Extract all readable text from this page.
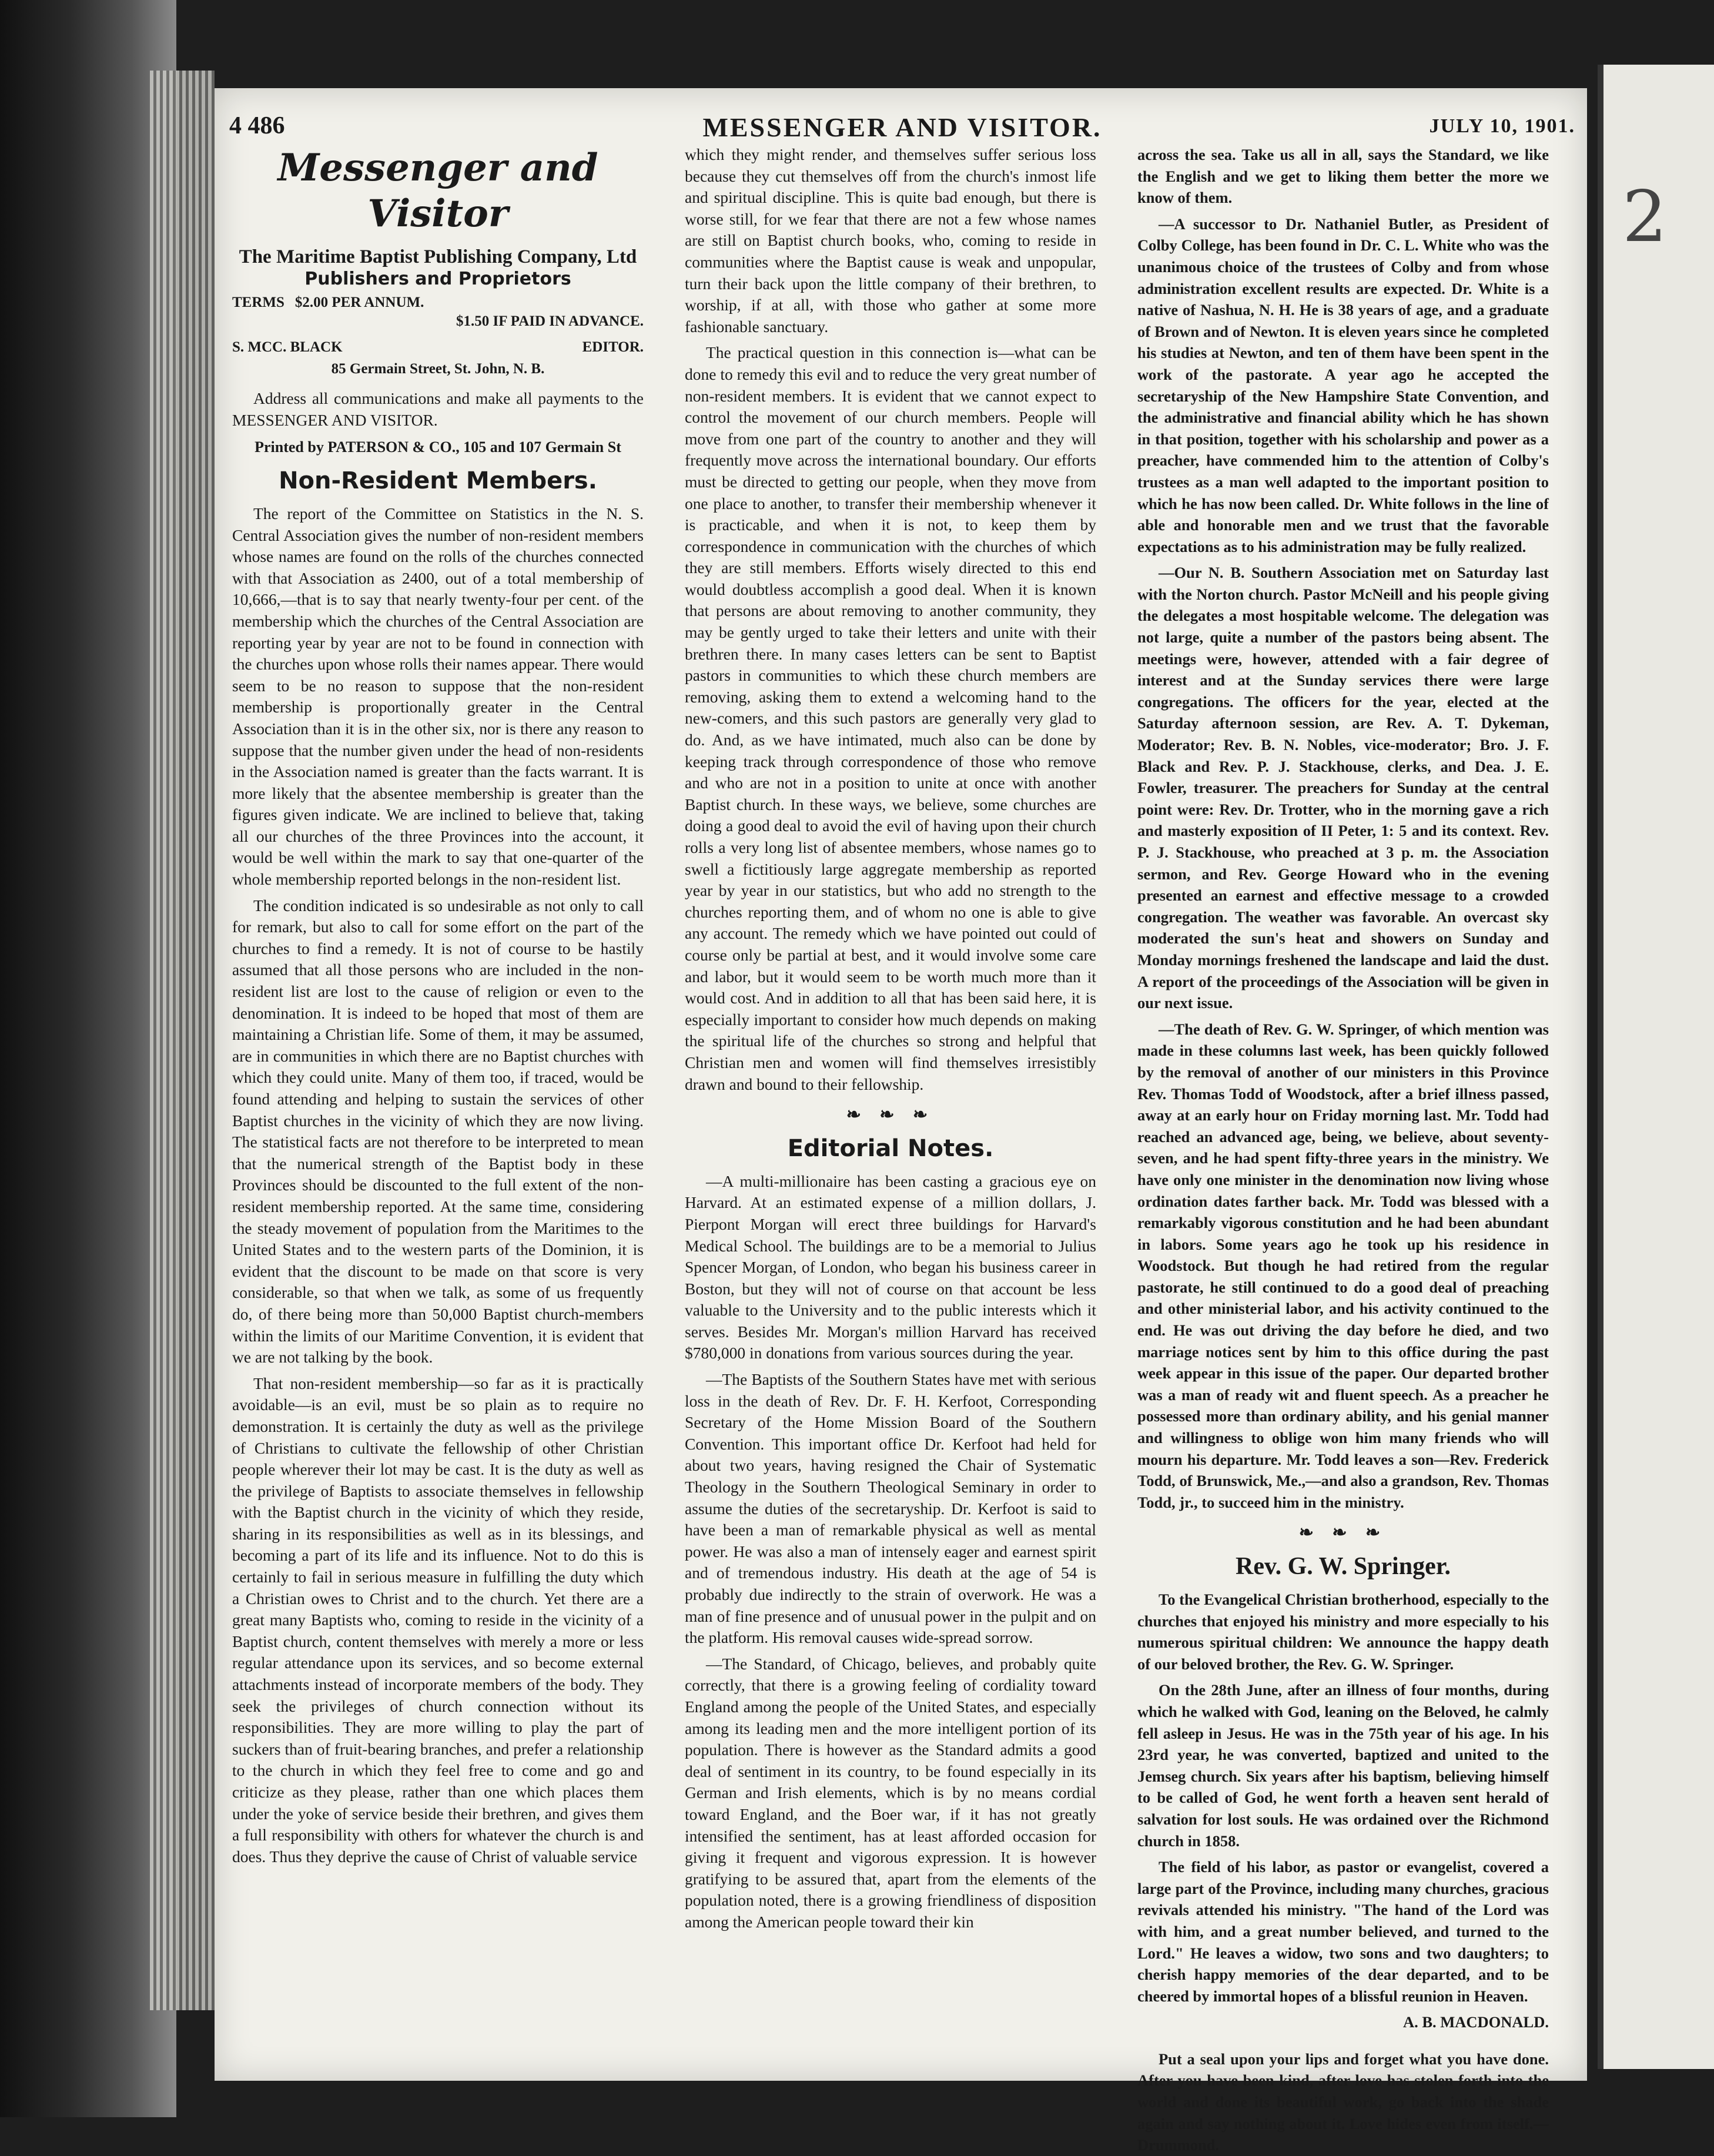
2
4 486	MESSENGER AND VISITOR.	JULY 10, 1901.
Messenger and Visitor
The Maritime Baptist Publishing Company, Ltd
Publishers and Proprietors
TERMS $2.00 PER ANNUM.
$1.50 IF PAID IN ADVANCE.
S. MCC. BLACK	EDITOR.
85 Germain Street, St. John, N. B.
Address all communications and make all payments to the MESSENGER AND VISITOR.
Printed by PATERSON & CO., 105 and 107 Germain St
Non-Resident Members.
The report of the Committee on Statistics in the N. S. Central Association gives the number of non-resident members whose names are found on the rolls of the churches connected with that Association as 2400, out of a total membership of 10,666,—that is to say that nearly twenty-four per cent. of the membership which the churches of the Central Association are reporting year by year are not to be found in connection with the churches upon whose rolls their names appear. There would seem to be no reason to suppose that the non-resident membership is proportionally greater in the Central Association than it is in the other six, nor is there any reason to suppose that the number given under the head of non-residents in the Association named is greater than the facts warrant. It is more likely that the absentee membership is greater than the figures given indicate. We are inclined to believe that, taking all our churches of the three Provinces into the account, it would be well within the mark to say that one-quarter of the whole membership reported belongs in the non-resident list.
The condition indicated is so undesirable as not only to call for remark, but also to call for some effort on the part of the churches to find a remedy. It is not of course to be hastily assumed that all those persons who are included in the non-resident list are lost to the cause of religion or even to the denomination. It is indeed to be hoped that most of them are maintaining a Christian life. Some of them, it may be assumed, are in communities in which there are no Baptist churches with which they could unite. Many of them too, if traced, would be found attending and helping to sustain the services of other Baptist churches in the vicinity of which they are now living. The statistical facts are not therefore to be interpreted to mean that the numerical strength of the Baptist body in these Provinces should be discounted to the full extent of the non-resident membership reported. At the same time, considering the steady movement of population from the Maritimes to the United States and to the western parts of the Dominion, it is evident that the discount to be made on that score is very considerable, so that when we talk, as some of us frequently do, of there being more than 50,000 Baptist church-members within the limits of our Maritime Convention, it is evident that we are not talking by the book.
That non-resident membership—so far as it is practically avoidable—is an evil, must be so plain as to require no demonstration. It is certainly the duty as well as the privilege of Christians to cultivate the fellowship of other Christian people wherever their lot may be cast. It is the duty as well as the privilege of Baptists to associate themselves in fellowship with the Baptist church in the vicinity of which they reside, sharing in its responsibilities as well as in its blessings, and becoming a part of its life and its influence. Not to do this is certainly to fail in serious measure in fulfilling the duty which a Christian owes to Christ and to the church. Yet there are a great many Baptists who, coming to reside in the vicinity of a Baptist church, content themselves with merely a more or less regular attendance upon its services, and so become external attachments instead of incorporate members of the body. They seek the privileges of church connection without its responsibilities. They are more willing to play the part of suckers than of fruit-bearing branches, and prefer a relationship to the church in which they feel free to come and go and criticize as they please, rather than one which places them under the yoke of service beside their brethren, and gives them a full responsibility with others for whatever the church is and does. Thus they deprive the cause of Christ of valuable service
which they might render, and themselves suffer serious loss because they cut themselves off from the church's inmost life and spiritual discipline. This is quite bad enough, but there is worse still, for we fear that there are not a few whose names are still on Baptist church books, who, coming to reside in communities where the Baptist cause is weak and unpopular, turn their back upon the little company of their brethren, to worship, if at all, with those who gather at some more fashionable sanctuary.
The practical question in this connection is—what can be done to remedy this evil and to reduce the very great number of non-resident members. It is evident that we cannot expect to control the movement of our church members. People will move from one part of the country to another and they will frequently move across the international boundary. Our efforts must be directed to getting our people, when they move from one place to another, to transfer their membership whenever it is practicable, and when it is not, to keep them by correspondence in communication with the churches of which they are still members. Efforts wisely directed to this end would doubtless accomplish a good deal. When it is known that persons are about removing to another community, they may be gently urged to take their letters and unite with their brethren there. In many cases letters can be sent to Baptist pastors in communities to which these church members are removing, asking them to extend a welcoming hand to the new-comers, and this such pastors are generally very glad to do. And, as we have intimated, much also can be done by keeping track through correspondence of those who remove and who are not in a position to unite at once with another Baptist church. In these ways, we believe, some churches are doing a good deal to avoid the evil of having upon their church rolls a very long list of absentee members, whose names go to swell a fictitiously large aggregate membership as reported year by year in our statistics, but who add no strength to the churches reporting them, and of whom no one is able to give any account. The remedy which we have pointed out could of course only be partial at best, and it would involve some care and labor, but it would seem to be worth much more than it would cost. And in addition to all that has been said here, it is especially important to consider how much depends on making the spiritual life of the churches so strong and helpful that Christian men and women will find themselves irresistibly drawn and bound to their fellowship.
❧ ❧ ❧
Editorial Notes.
—A multi-millionaire has been casting a gracious eye on Harvard. At an estimated expense of a million dollars, J. Pierpont Morgan will erect three buildings for Harvard's Medical School. The buildings are to be a memorial to Julius Spencer Morgan, of London, who began his business career in Boston, but they will not of course on that account be less valuable to the University and to the public interests which it serves. Besides Mr. Morgan's million Harvard has received $780,000 in donations from various sources during the year.
—The Baptists of the Southern States have met with serious loss in the death of Rev. Dr. F. H. Kerfoot, Corresponding Secretary of the Home Mission Board of the Southern Convention. This important office Dr. Kerfoot had held for about two years, having resigned the Chair of Systematic Theology in the Southern Theological Seminary in order to assume the duties of the secretaryship. Dr. Kerfoot is said to have been a man of remarkable physical as well as mental power. He was also a man of intensely eager and earnest spirit and of tremendous industry. His death at the age of 54 is probably due indirectly to the strain of overwork. He was a man of fine presence and of unusual power in the pulpit and on the platform. His removal causes wide-spread sorrow.
—The Standard, of Chicago, believes, and probably quite correctly, that there is a growing feeling of cordiality toward England among the people of the United States, and especially among its leading men and the more intelligent portion of its population. There is however as the Standard admits a good deal of sentiment in its country, to be found especially in its German and Irish elements, which is by no means cordial toward England, and the Boer war, if it has not greatly intensified the sentiment, has at least afforded occasion for giving it frequent and vigorous expression. It is however gratifying to be assured that, apart from the elements of the population noted, there is a growing friendliness of disposition among the American people toward their kin
across the sea. Take us all in all, says the Standard, we like the English and we get to liking them better the more we know of them.
—A successor to Dr. Nathaniel Butler, as President of Colby College, has been found in Dr. C. L. White who was the unanimous choice of the trustees of Colby and from whose administration excellent results are expected. Dr. White is a native of Nashua, N. H. He is 38 years of age, and a graduate of Brown and of Newton. It is eleven years since he completed his studies at Newton, and ten of them have been spent in the work of the pastorate. A year ago he accepted the secretaryship of the New Hampshire State Convention, and the administrative and financial ability which he has shown in that position, together with his scholarship and power as a preacher, have commended him to the attention of Colby's trustees as a man well adapted to the important position to which he has now been called. Dr. White follows in the line of able and honorable men and we trust that the favorable expectations as to his administration may be fully realized.
—Our N. B. Southern Association met on Saturday last with the Norton church. Pastor McNeill and his people giving the delegates a most hospitable welcome. The delegation was not large, quite a number of the pastors being absent. The meetings were, however, attended with a fair degree of interest and at the Sunday services there were large congregations. The officers for the year, elected at the Saturday afternoon session, are Rev. A. T. Dykeman, Moderator; Rev. B. N. Nobles, vice-moderator; Bro. J. F. Black and Rev. P. J. Stackhouse, clerks, and Dea. J. E. Fowler, treasurer. The preachers for Sunday at the central point were: Rev. Dr. Trotter, who in the morning gave a rich and masterly exposition of II Peter, 1: 5 and its context. Rev. P. J. Stackhouse, who preached at 3 p. m. the Association sermon, and Rev. George Howard who in the evening presented an earnest and effective message to a crowded congregation. The weather was favorable. An overcast sky moderated the sun's heat and showers on Sunday and Monday mornings freshened the landscape and laid the dust. A report of the proceedings of the Association will be given in our next issue.
—The death of Rev. G. W. Springer, of which mention was made in these columns last week, has been quickly followed by the removal of another of our ministers in this Province Rev. Thomas Todd of Woodstock, after a brief illness passed, away at an early hour on Friday morning last. Mr. Todd had reached an advanced age, being, we believe, about seventy-seven, and he had spent fifty-three years in the ministry. We have only one minister in the denomination now living whose ordination dates farther back. Mr. Todd was blessed with a remarkably vigorous constitution and he had been abundant in labors. Some years ago he took up his residence in Woodstock. But though he had retired from the regular pastorate, he still continued to do a good deal of preaching and other ministerial labor, and his activity continued to the end. He was out driving the day before he died, and two marriage notices sent by him to this office during the past week appear in this issue of the paper. Our departed brother was a man of ready wit and fluent speech. As a preacher he possessed more than ordinary ability, and his genial manner and willingness to oblige won him many friends who will mourn his departure. Mr. Todd leaves a son—Rev. Frederick Todd, of Brunswick, Me.,—and also a grandson, Rev. Thomas Todd, jr., to succeed him in the ministry.
❧ ❧ ❧
Rev. G. W. Springer.
To the Evangelical Christian brotherhood, especially to the churches that enjoyed his ministry and more especially to his numerous spiritual children: We announce the happy death of our beloved brother, the Rev. G. W. Springer.
On the 28th June, after an illness of four months, during which he walked with God, leaning on the Beloved, he calmly fell asleep in Jesus. He was in the 75th year of his age. In his 23rd year, he was converted, baptized and united to the Jemseg church. Six years after his baptism, believing himself to be called of God, he went forth a heaven sent herald of salvation for lost souls. He was ordained over the Richmond church in 1858.
The field of his labor, as pastor or evangelist, covered a large part of the Province, including many churches, gracious revivals attended his ministry. "The hand of the Lord was with him, and a great number believed, and turned to the Lord." He leaves a widow, two sons and two daughters; to cherish happy memories of the dear departed, and to be cheered by immortal hopes of a blissful reunion in Heaven.
A. B. MACDONALD.
Put a seal upon your lips and forget what you have done. After you have been kind, after love has stolen forth into the world and done its beautiful work, go back into the shade again and say nothing about it. Love hides even from itself.—Drummond.
